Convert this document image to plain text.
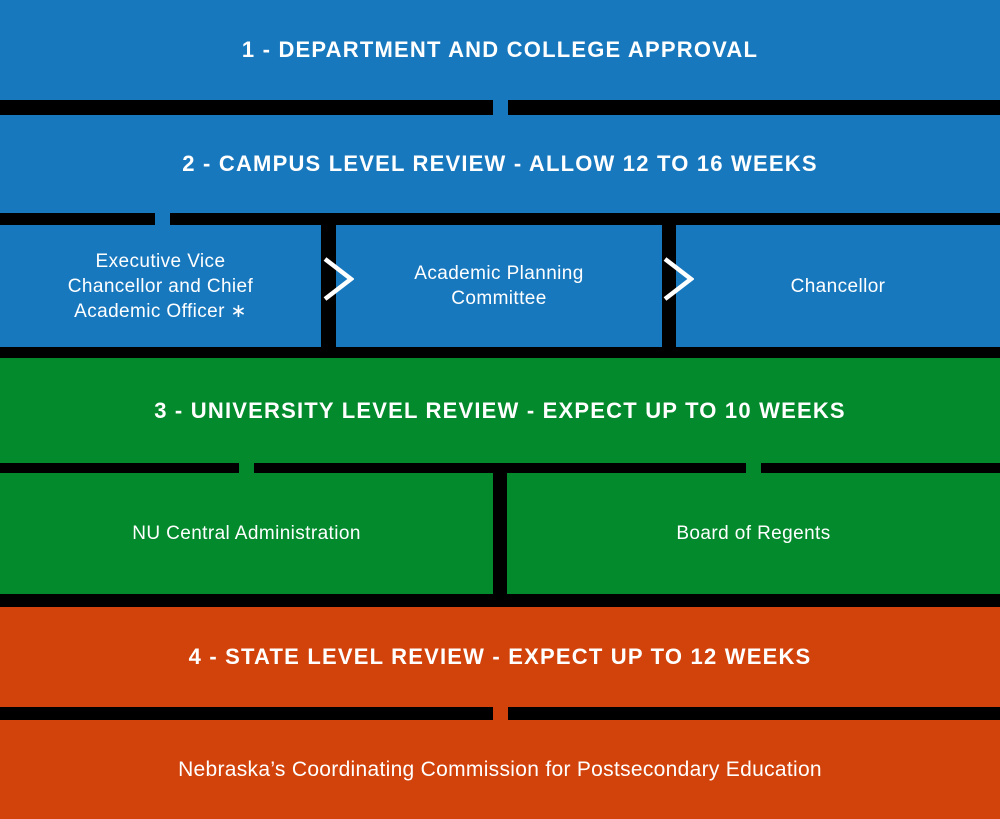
1 - DEPARTMENT AND COLLEGE APPROVAL
2 - CAMPUS LEVEL REVIEW - ALLOW 12 TO 16 WEEKS
Executive Vice
Chancellor and Chief
Academic Officer ∗
Academic Planning
Committee
Chancellor
3 - UNIVERSITY LEVEL REVIEW - EXPECT UP TO 10 WEEKS
NU Central Administration	Board of Regents
4 - STATE LEVEL REVIEW - EXPECT UP TO 12 WEEKS
Nebraska’s Coordinating Commission for Postsecondary Education
